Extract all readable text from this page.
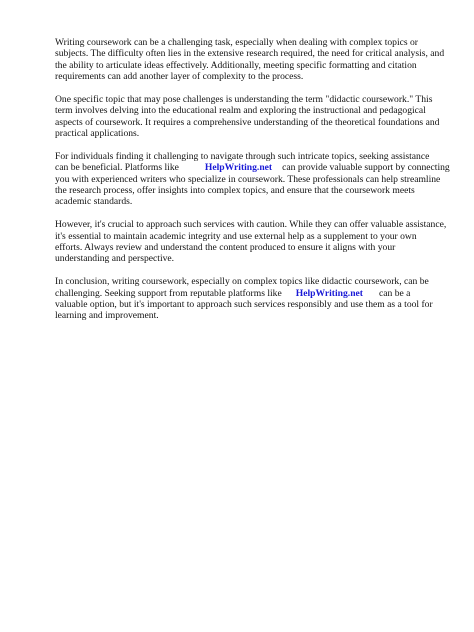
Writing coursework can be a challenging task, especially when dealing with complex topics or
subjects. The difficulty often lies in the extensive research required, the need for critical analysis, and
the ability to articulate ideas effectively. Additionally, meeting specific formatting and citation
requirements can add another layer of complexity to the process.
One specific topic that may pose challenges is understanding the term "didactic coursework." This
term involves delving into the educational realm and exploring the instructional and pedagogical
aspects of coursework. It requires a comprehensive understanding of the theoretical foundations and
practical applications.
For individuals finding it challenging to navigate through such intricate topics, seeking assistance
can be beneficial. Platforms like	HelpWriting.net can provide valuable support by connecting
you with experienced writers who specialize in coursework. These professionals can help streamline
the research process, offer insights into complex topics, and ensure that the coursework meets
academic standards.
However, it's crucial to approach such services with caution. While they can offer valuable assistance,
it's essential to maintain academic integrity and use external help as a supplement to your own
efforts. Always review and understand the content produced to ensure it aligns with your
understanding and perspective.
In conclusion, writing coursework, especially on complex topics like didactic coursework, can be
challenging. Seeking support from reputable platforms like HelpWriting.net can be a
valuable option, but it's important to approach such services responsibly and use them as a tool for
learning and improvement.
